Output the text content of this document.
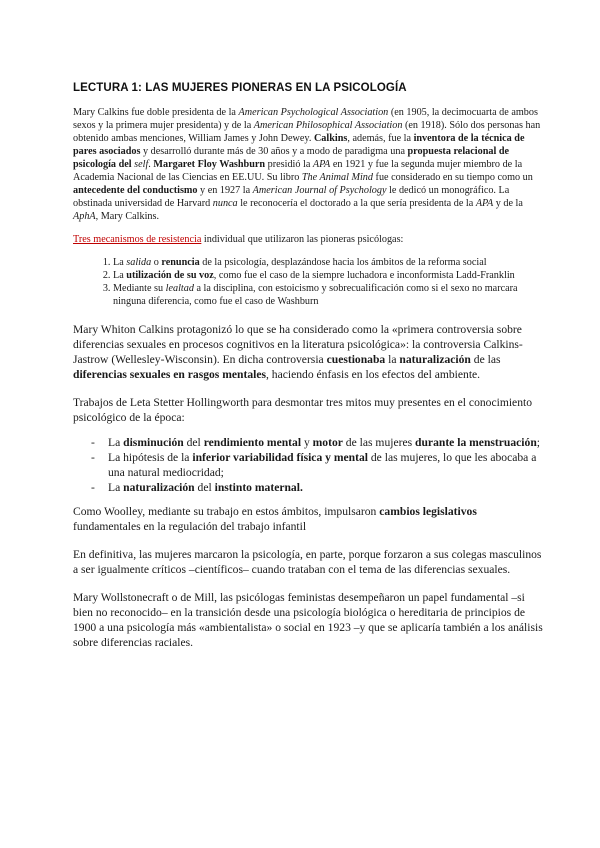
LECTURA 1: LAS MUJERES PIONERAS EN LA PSICOLOGÍA

Mary Calkins fue doble presidenta de la American Psychological Association (en 1905, la decimocuarta de ambos sexos y la primera mujer presidenta) y de la American Philosophical Association (en 1918). Sólo dos personas han obtenido ambas menciones, William James y John Dewey. Calkins, además, fue la inventora de la técnica de pares asociados y desarrolló durante más de 30 años y a modo de paradigma una propuesta relacional de psicología del self. Margaret Floy Washburn presidió la APA en 1921 y fue la segunda mujer miembro de la Academia Nacional de las Ciencias en EE.UU. Su libro The Animal Mind fue considerado en su tiempo como un antecedente del conductismo y en 1927 la American Journal of Psychology le dedicó un monográfico. La obstinada universidad de Harvard nunca le reconocería el doctorado a la que sería presidenta de la APA y de la AphA, Mary Calkins.

Tres mecanismos de resistencia individual que utilizaron las pioneras psicólogas:

1. La salida o renuncia de la psicología, desplazándose hacia los ámbitos de la reforma social
2. La utilización de su voz, como fue el caso de la siempre luchadora e inconformista Ladd-Franklin
3. Mediante su lealtad a la disciplina, con estoicismo y sobrecualificación como si el sexo no marcara ninguna diferencia, como fue el caso de Washburn

Mary Whiton Calkins protagonizó lo que se ha considerado como la «primera controversia sobre diferencias sexuales en procesos cognitivos en la literatura psicológica»: la controversia Calkins-Jastrow (Wellesley-Wisconsin). En dicha controversia cuestionaba la naturalización de las diferencias sexuales en rasgos mentales, haciendo énfasis en los efectos del ambiente.

Trabajos de Leta Stetter Hollingworth para desmontar tres mitos muy presentes en el conocimiento psicológico de la época:

- La disminución del rendimiento mental y motor de las mujeres durante la menstruación;
- La hipótesis de la inferior variabilidad física y mental de las mujeres, lo que les abocaba a una natural mediocridad;
- La naturalización del instinto maternal.

Como Woolley, mediante su trabajo en estos ámbitos, impulsaron cambios legislativos fundamentales en la regulación del trabajo infantil

En definitiva, las mujeres marcaron la psicología, en parte, porque forzaron a sus colegas masculinos a ser igualmente críticos –científicos– cuando trataban con el tema de las diferencias sexuales.

Mary Wollstonecraft o de Mill, las psicólogas feministas desempeñaron un papel fundamental –si bien no reconocido– en la transición desde una psicología biológica o hereditaria de principios de 1900 a una psicología más «ambientalista» o social en 1923 –y que se aplicaría también a los análisis sobre diferencias raciales.
